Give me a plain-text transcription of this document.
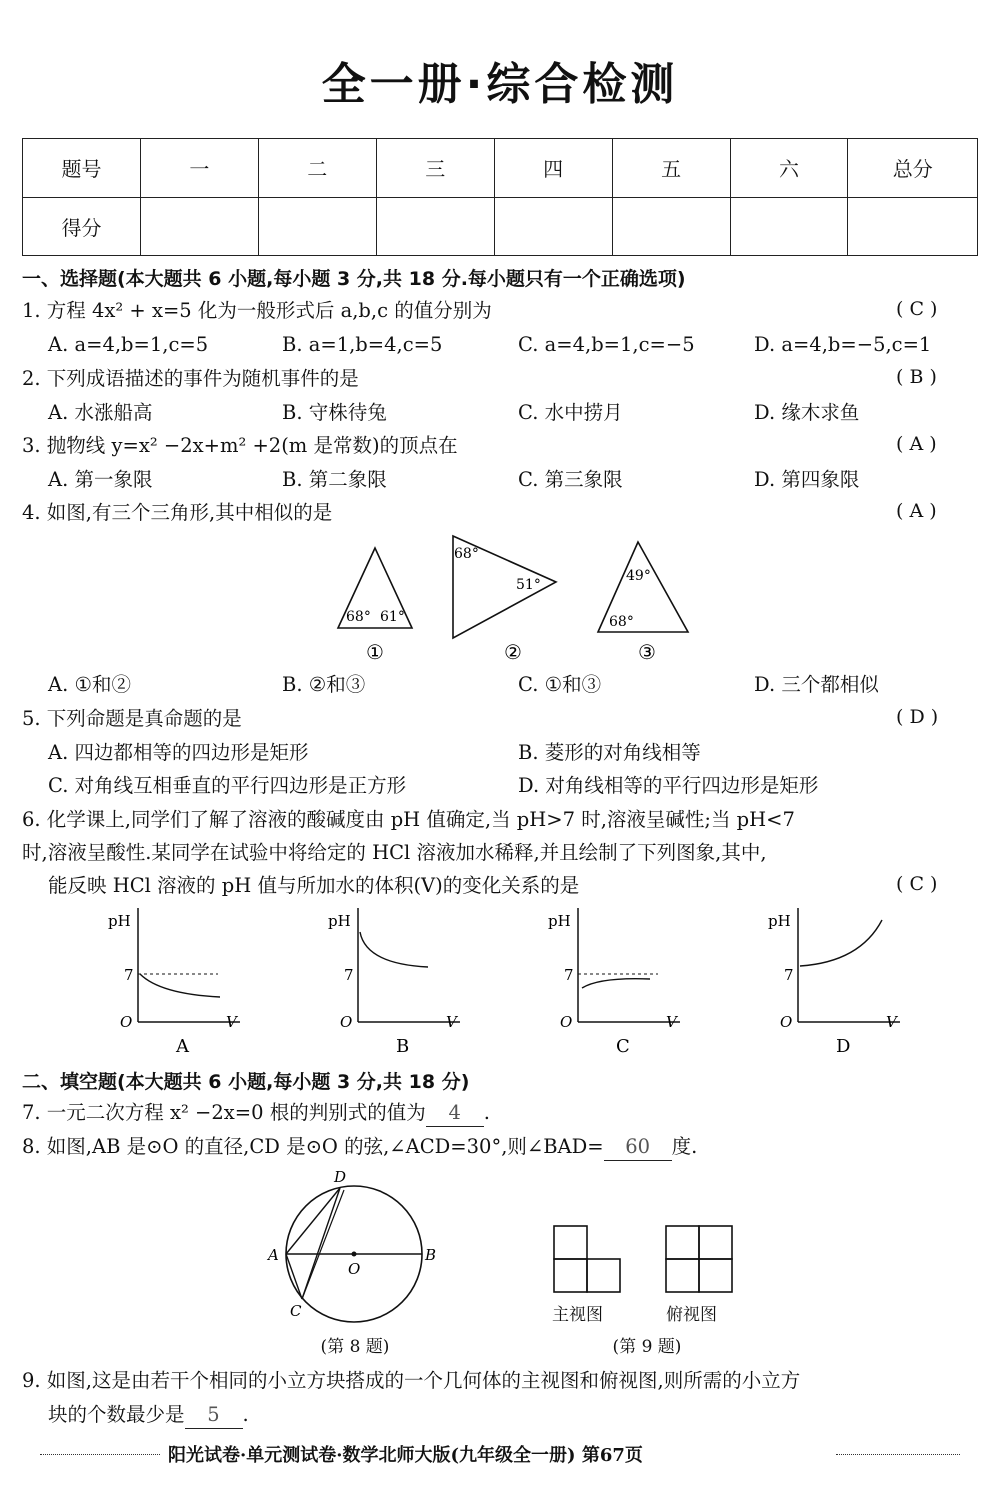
全一册·综合检测
题号	一	二	三	四	五	六	总分
得分							
一、选择题(本大题共 6 小题,每小题 3 分,共 18 分.每小题只有一个正确选项)
1. 方程 4x² + x=5 化为一般形式后 a,b,c 的值分别为	( C )
A. a=4,b=1,c=5	B. a=1,b=4,c=5	C. a=4,b=1,c=−5	D. a=4,b=−5,c=1
2. 下列成语描述的事件为随机事件的是	( B )
A. 水涨船高	B. 守株待兔	C. 水中捞月	D. 缘木求鱼
3. 抛物线 y=x² −2x+m² +2(m 是常数)的顶点在	( A )
A. 第一象限	B. 第二象限	C. 第三象限	D. 第四象限
4. 如图,有三个三角形,其中相似的是	( A )
68° 61°
①
68°
51°
②
49°
68°
③
A. ①和②	B. ②和③	C. ①和③	D. 三个都相似
5. 下列命题是真命题的是	( D )
A. 四边都相等的四边形是矩形	B. 菱形的对角线相等
C. 对角线互相垂直的平行四边形是正方形	D. 对角线相等的平行四边形是矩形
6. 化学课上,同学们了解了溶液的酸碱度由 pH 值确定,当 pH>7 时,溶液呈碱性;当 pH<7
时,溶液呈酸性.某同学在试验中将给定的 HCl 溶液加水稀释,并且绘制了下列图象,其中,
能反映 HCl 溶液的 pH 值与所加水的体积(V)的变化关系的是	( C )
pH
7
O	V
A
pH
7
O	V
B
pH
7
O	V
C
pH
7
O	V
D
二、填空题(本大题共 6 小题,每小题 3 分,共 18 分)
7. 一元二次方程 x² −2x=0 根的判别式的值为 4 .
8. 如图,AB 是⊙O 的直径,CD 是⊙O 的弦,∠ACD=30°,则∠BAD= 60 度.
D
A	B
O
C
(第 8 题)
主视图	俯视图
(第 9 题)
9. 如图,这是由若干个相同的小立方块搭成的一个几何体的主视图和俯视图,则所需的小立方
块的个数最少是 5 .
阳光试卷·单元测试卷·数学北师大版(九年级全一册) 第67页
